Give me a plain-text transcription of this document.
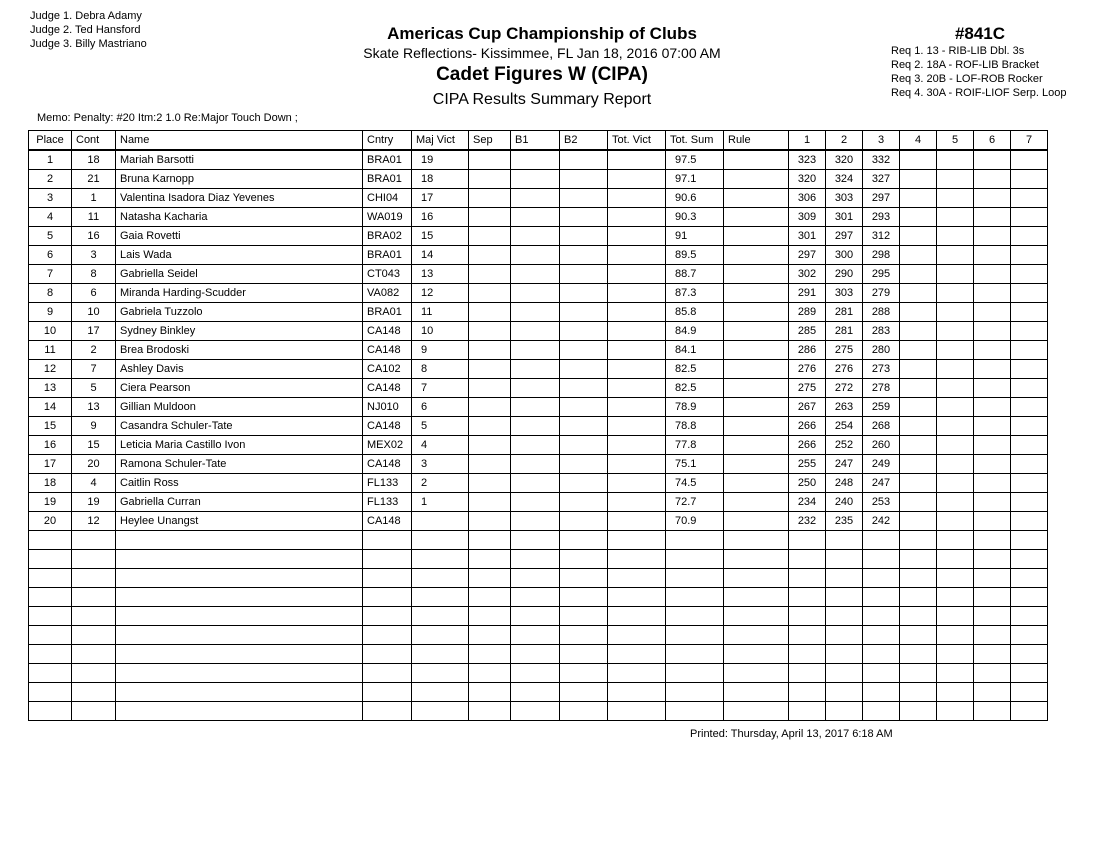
Judge 1. Debra Adamy
Judge 2. Ted Hansford
Judge 3. Billy Mastriano
Americas Cup Championship of Clubs
Skate Reflections- Kissimmee, FL Jan 18, 2016 07:00 AM
Cadet Figures W (CIPA)
CIPA Results Summary Report
#841C
Req 1. 13 - RIB-LIB Dbl. 3s
Req 2. 18A - ROF-LIB Bracket
Req 3. 20B - LOF-ROB Rocker
Req 4. 30A - ROIF-LIOF Serp. Loop
Memo: Penalty: #20 Itm:2 1.0 Re:Major Touch Down ;
Place	Cont	Name	Cntry	Maj Vict	Sep	B1	B2	Tot. Vict	Tot. Sum	Rule	1	2	3	4	5	6	7
1	18	Mariah Barsotti	BRA01	19					97.5		323	320	332				
2	21	Bruna Karnopp	BRA01	18					97.1		320	324	327				
3	1	Valentina Isadora Diaz Yevenes	CHI04	17					90.6		306	303	297				
4	11	Natasha Kacharia	WA019	16					90.3		309	301	293				
5	16	Gaia Rovetti	BRA02	15					91		301	297	312				
6	3	Lais Wada	BRA01	14					89.5		297	300	298				
7	8	Gabriella Seidel	CT043	13					88.7		302	290	295				
8	6	Miranda Harding-Scudder	VA082	12					87.3		291	303	279				
9	10	Gabriela Tuzzolo	BRA01	11					85.8		289	281	288				
10	17	Sydney Binkley	CA148	10					84.9		285	281	283				
11	2	Brea Brodoski	CA148	9					84.1		286	275	280				
12	7	Ashley Davis	CA102	8					82.5		276	276	273				
13	5	Ciera Pearson	CA148	7					82.5		275	272	278				
14	13	Gillian Muldoon	NJ010	6					78.9		267	263	259				
15	9	Casandra Schuler-Tate	CA148	5					78.8		266	254	268				
16	15	Leticia Maria Castillo Ivon	MEX02	4					77.8		266	252	260				
17	20	Ramona Schuler-Tate	CA148	3					75.1		255	247	249				
18	4	Caitlin Ross	FL133	2					74.5		250	248	247				
19	19	Gabriella Curran	FL133	1					72.7		234	240	253				
20	12	Heylee Unangst	CA148						70.9		232	235	242				

Printed: Thursday, April 13, 2017 6:18 AM
